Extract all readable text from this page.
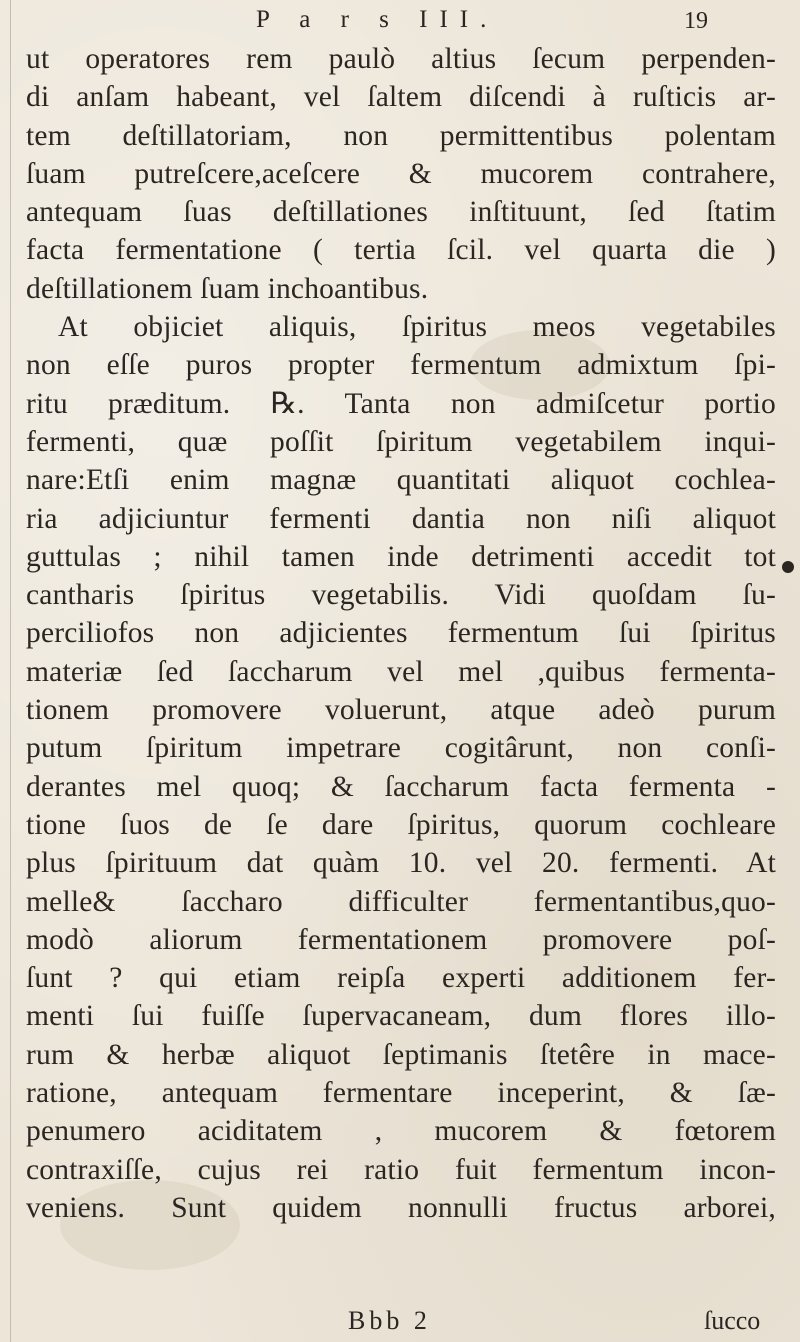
P a r s III.	19
ut operatores rem paulò altius ſecum perpenden-
di anſam habeant, vel ſaltem diſcendi à ruſticis ar-
tem deſtillatoriam, non permittentibus polentam
ſuam putreſcere,aceſcere & mucorem contrahere,
antequam ſuas deſtillationes inſtituunt, ſed ſtatim
facta fermentatione ( tertia ſcil. vel quarta die )
deſtillationem ſuam inchoantibus.
At objiciet aliquis, ſpiritus meos vegetabiles
non eſſe puros propter fermentum admixtum ſpi-
ritu præditum. ℞. Tanta non admiſcetur portio
fermenti, quæ poſſit ſpiritum vegetabilem inqui-
nare:Etſi enim magnæ quantitati aliquot cochlea-
ria adjiciuntur fermenti dantia non niſi aliquot
guttulas ; nihil tamen inde detrimenti accedit tot
cantharis ſpiritus vegetabilis. Vidi quoſdam ſu-
perciliofos non adjicientes fermentum ſui ſpiritus
materiæ ſed ſaccharum vel mel ,quibus fermenta-
tionem promovere voluerunt, atque adeò purum
putum ſpiritum impetrare cogitârunt, non conſi-
derantes mel quoq; & ſaccharum facta fermenta -
tione ſuos de ſe dare ſpiritus, quorum cochleare
plus ſpirituum dat quàm 10. vel 20. fermenti. At
melle& ſaccharo difficulter fermentantibus,quo-
modò aliorum fermentationem promovere poſ-
ſunt ? qui etiam reipſa experti additionem fer-
menti ſui fuiſſe ſupervacaneam, dum flores illo-
rum & herbæ aliquot ſeptimanis ſtetêre in mace-
ratione, antequam fermentare inceperint, & ſæ-
penumero aciditatem , mucorem & fœtorem
contraxiſſe, cujus rei ratio fuit fermentum incon-
veniens. Sunt quidem nonnulli fructus arborei,
Bbb 2	ſucco
